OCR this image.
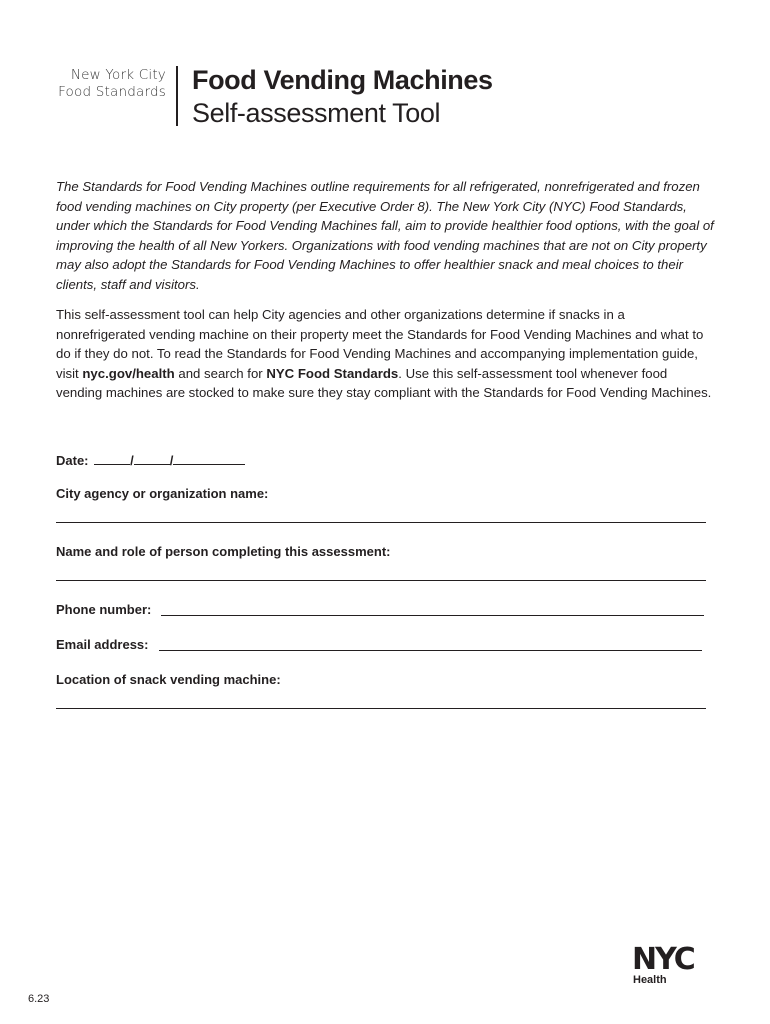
New York City
Food Standards Food Vending Machines
Self-assessment Tool

The Standards for Food Vending Machines outline requirements for all refrigerated, nonrefrigerated and frozen food vending machines on City property (per Executive Order 8). The New York City (NYC) Food Standards, under which the Standards for Food Vending Machines fall, aim to provide healthier food options, with the goal of improving the health of all New Yorkers. Organizations with food vending machines that are not on City property may also adopt the Standards for Food Vending Machines to offer healthier snack and meal choices to their clients, staff and visitors.

This self-assessment tool can help City agencies and other organizations determine if snacks in a nonrefrigerated vending machine on their property meet the Standards for Food Vending Machines and what to do if they do not. To read the Standards for Food Vending Machines and accompanying implementation guide, visit nyc.gov/health and search for NYC Food Standards. Use this self-assessment tool whenever food vending machines are stocked to make sure they stay compliant with the Standards for Food Vending Machines.

Date:	/	/
City agency or organization name:
Name and role of person completing this assessment:
Phone number:
Email address:
Location of snack vending machine:
6.23
NYC
Health
